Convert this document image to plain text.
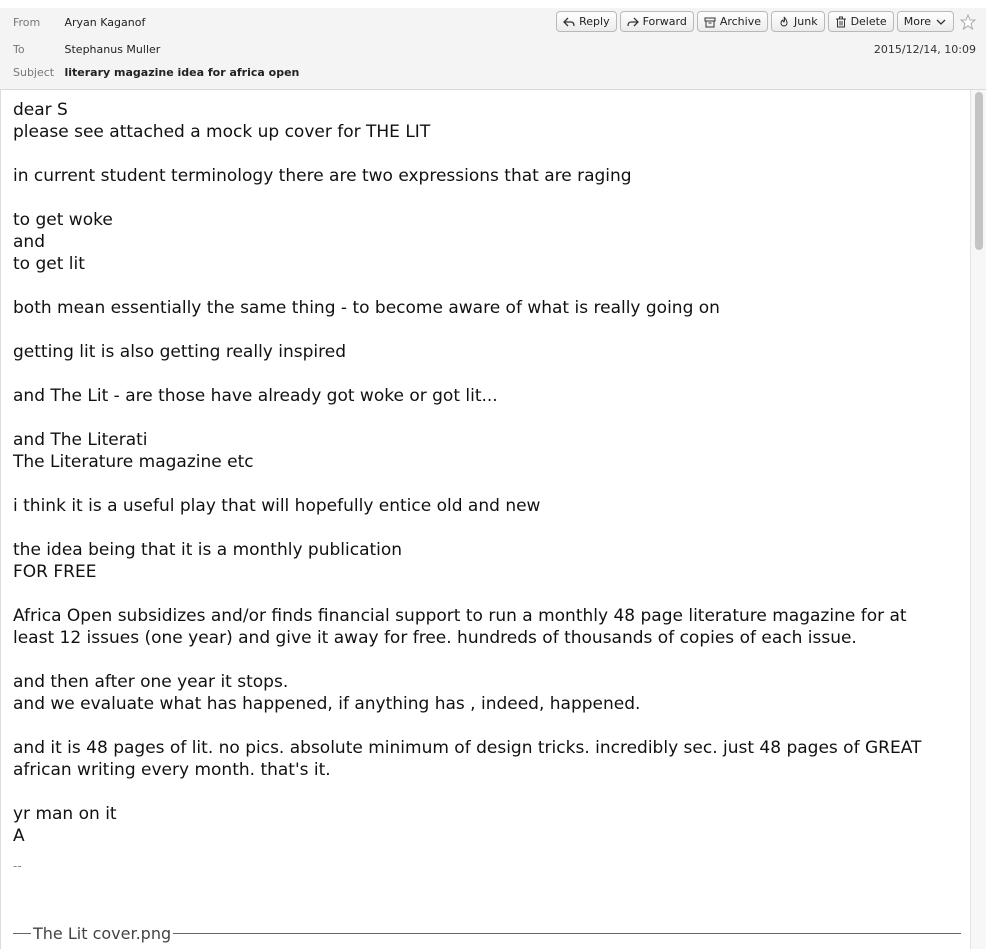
From Aryan Kaganof
To	Stephanus Muller
Subject literary magazine idea for africa open
Reply	Forward	Archive	Junk	Delete More
2015/12/14, 10:09
dear S
please see attached a mock up cover for THE LIT
in current student terminology there are two expressions that are raging
to get woke
and
to get lit
both mean essentially the same thing - to become aware of what is really going on
getting lit is also getting really inspired
and The Lit - are those have already got woke or got lit...
and The Literati
The Literature magazine etc
i think it is a useful play that will hopefully entice old and new
the idea being that it is a monthly publication
FOR FREE
Africa Open subsidizes and/or finds financial support to run a monthly 48 page literature magazine for at
least 12 issues (one year) and give it away for free. hundreds of thousands of copies of each issue.
and then after one year it stops.
and we evaluate what has happened, if anything has , indeed, happened.
and it is 48 pages of lit. no pics. absolute minimum of design tricks. incredibly sec. just 48 pages of GREAT
african writing every month. that's it.
yr man on it
A
--
The Lit cover.png
